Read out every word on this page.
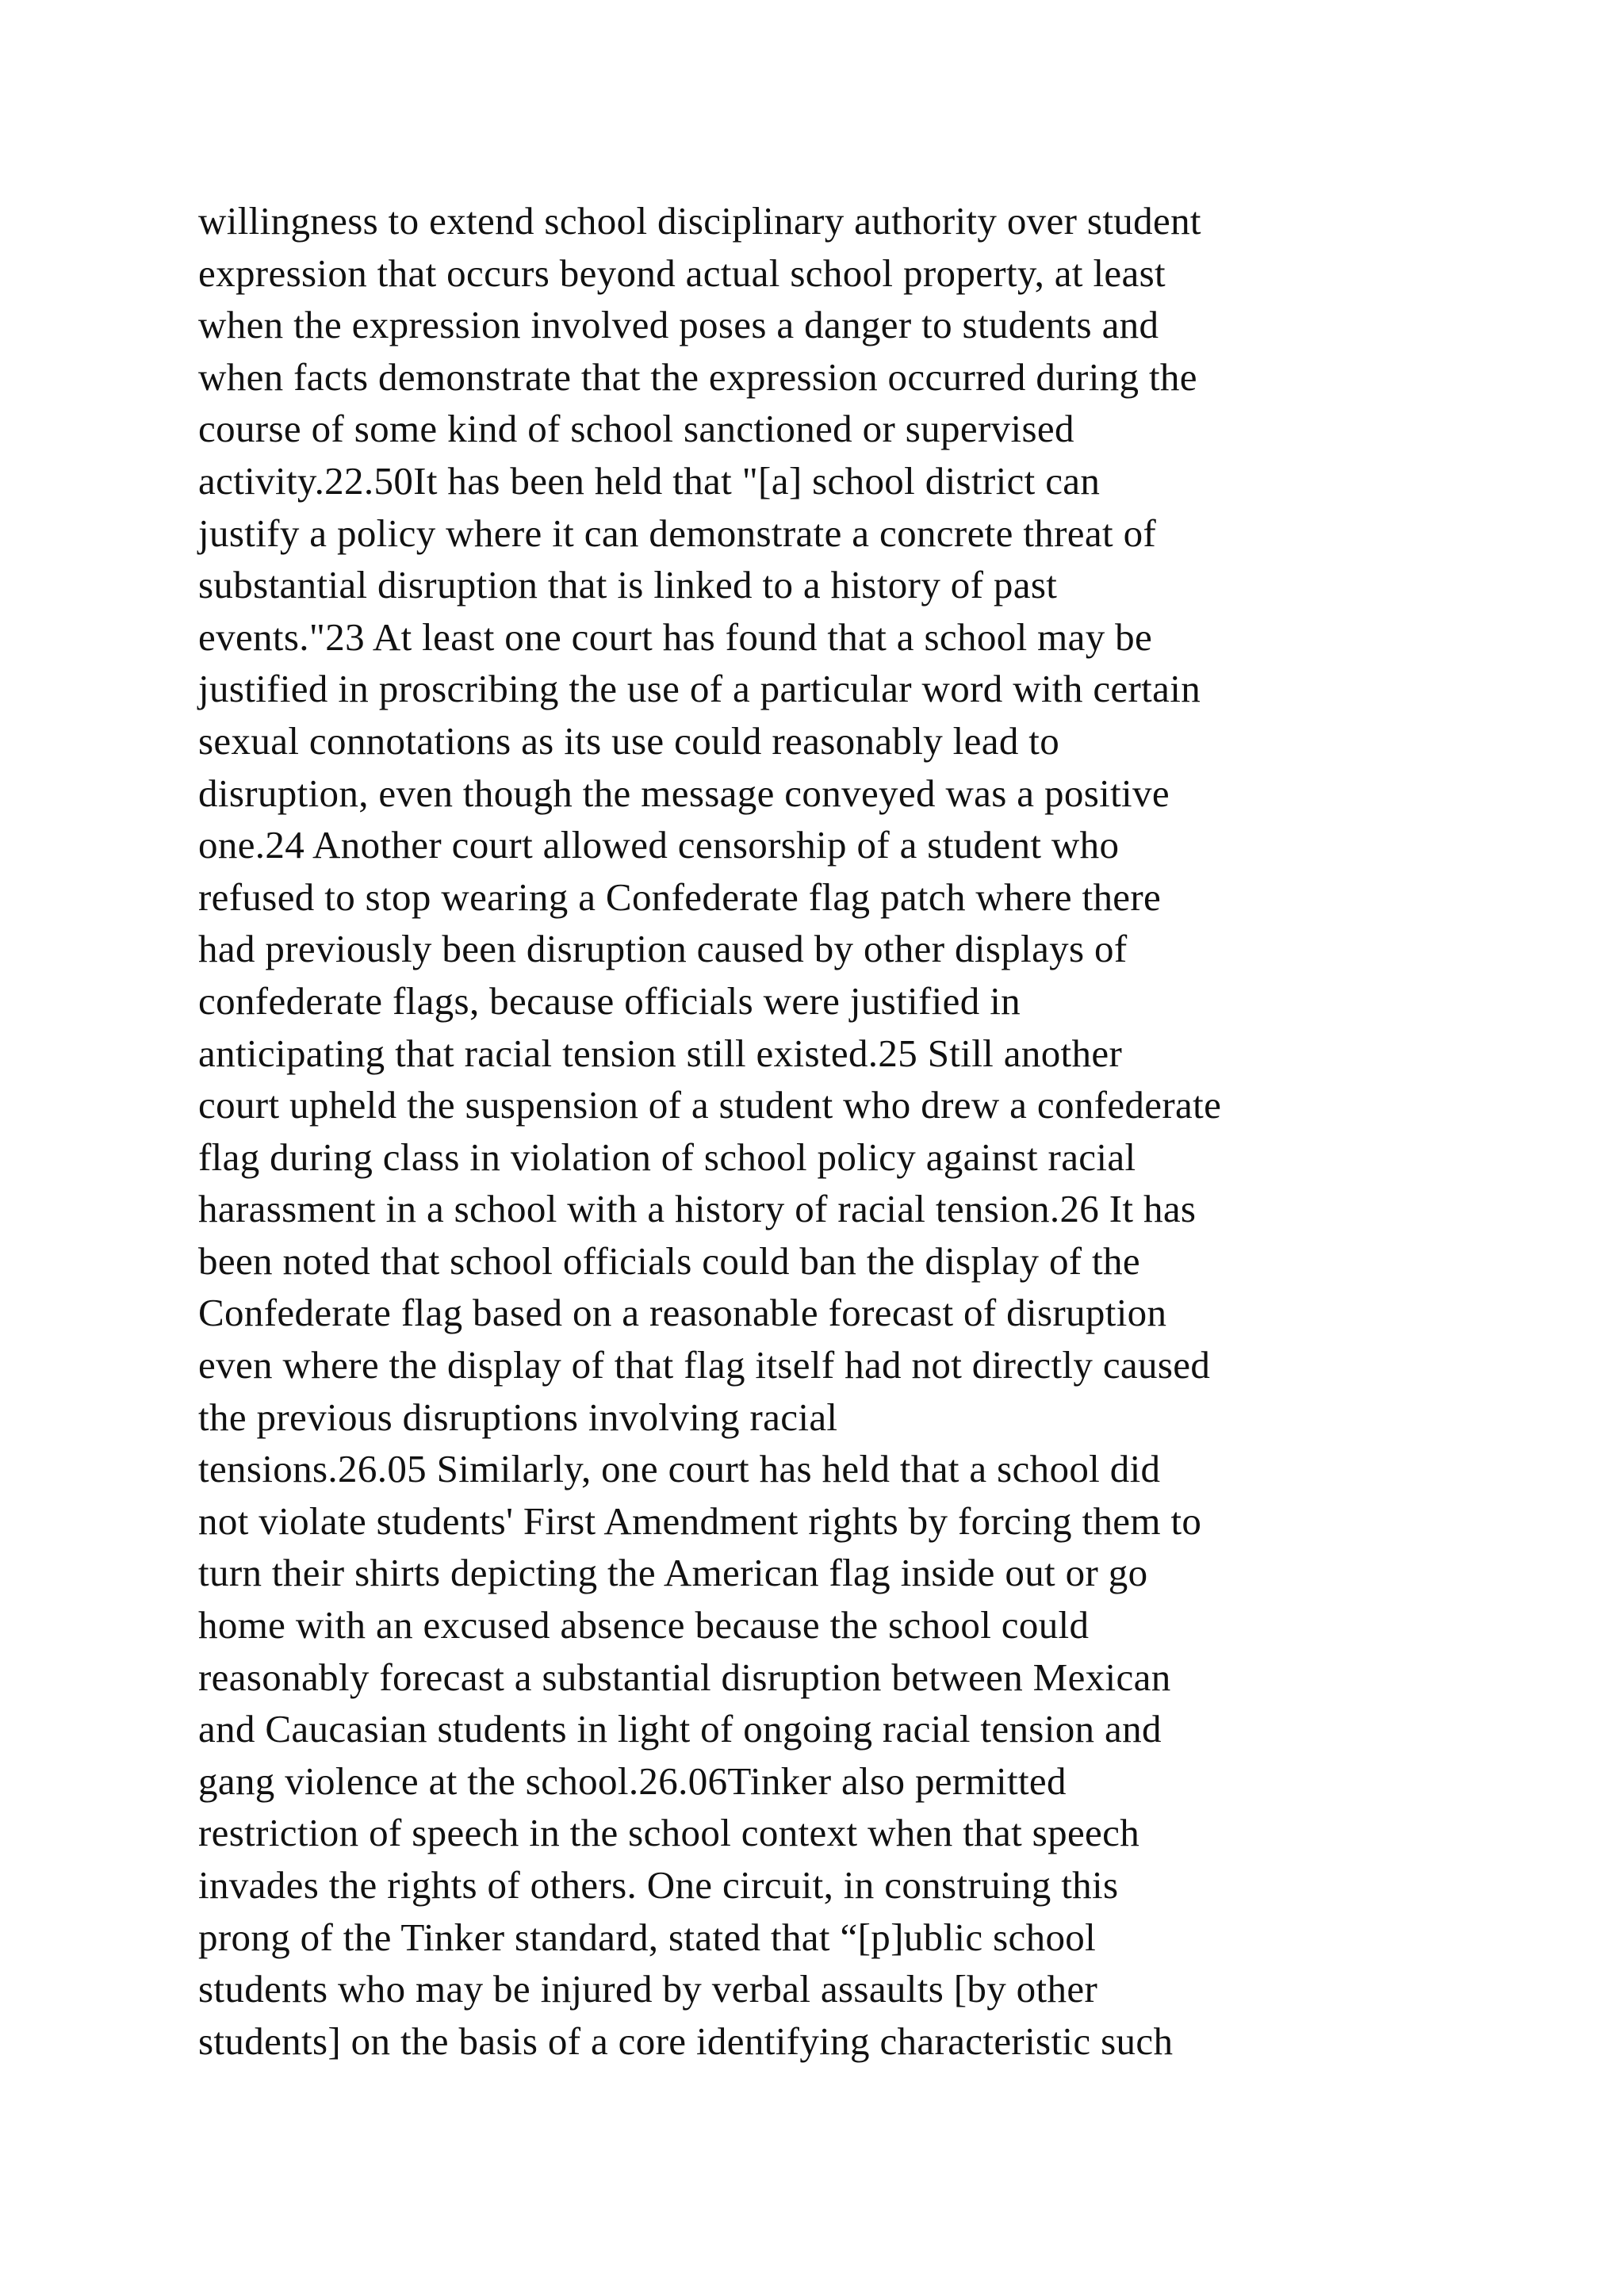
willingness to extend school disciplinary authority over student
expression that occurs beyond actual school property, at least
when the expression involved poses a danger to students and
when facts demonstrate that the expression occurred during the
course of some kind of school sanctioned or supervised
activity.22.50It has been held that "[a] school district can
justify a policy where it can demonstrate a concrete threat of
substantial disruption that is linked to a history of past
events."23 At least one court has found that a school may be
justified in proscribing the use of a particular word with certain
sexual connotations as its use could reasonably lead to
disruption, even though the message conveyed was a positive
one.24 Another court allowed censorship of a student who
refused to stop wearing a Confederate flag patch where there
had previously been disruption caused by other displays of
confederate flags, because officials were justified in
anticipating that racial tension still existed.25 Still another
court upheld the suspension of a student who drew a confederate
flag during class in violation of school policy against racial
harassment in a school with a history of racial tension.26 It has
been noted that school officials could ban the display of the
Confederate flag based on a reasonable forecast of disruption
even where the display of that flag itself had not directly caused
the previous disruptions involving racial
tensions.26.05 Similarly, one court has held that a school did
not violate students' First Amendment rights by forcing them to
turn their shirts depicting the American flag inside out or go
home with an excused absence because the school could
reasonably forecast a substantial disruption between Mexican
and Caucasian students in light of ongoing racial tension and
gang violence at the school.26.06Tinker also permitted
restriction of speech in the school context when that speech
invades the rights of others. One circuit, in construing this
prong of the Tinker standard, stated that “[p]ublic school
students who may be injured by verbal assaults [by other
students] on the basis of a core identifying characteristic such
